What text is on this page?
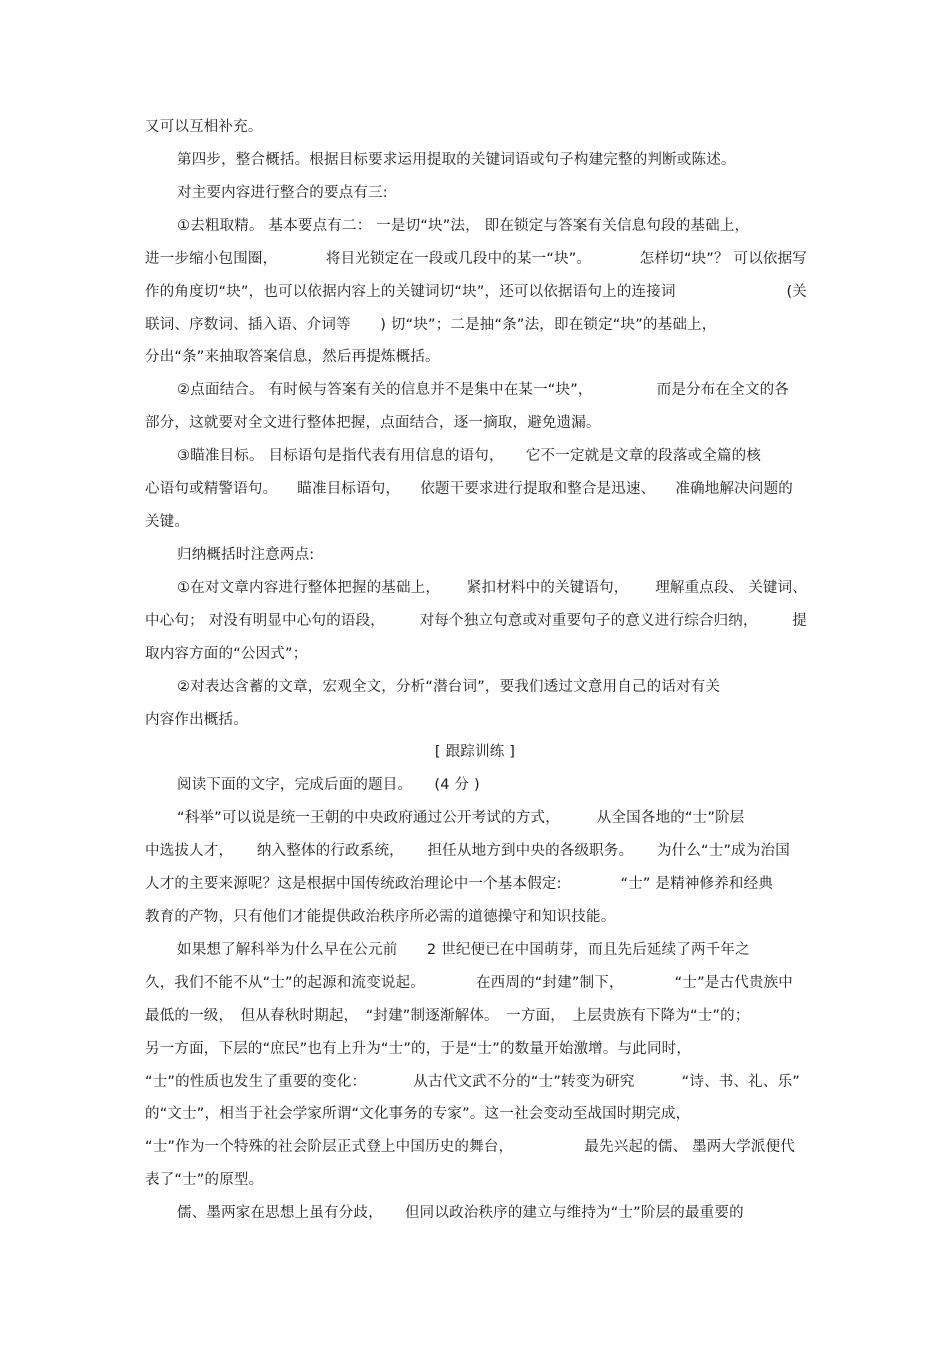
又可以互相补充。
第四步，整合概括。根据目标要求运用提取的关键词语或句子构建完整的判断或陈述。
对主要内容进行整合的要点有三:
①去粗取精。 基本要点有二： 一是切“块”法， 即在锁定与答案有关信息句段的基础上，
进一步缩小包围圈，	将目光锁定在一段或几段中的某一“块”。	怎样切“块”？ 可以依据写
作的角度切“块”，也可以依据内容上的关键词切“块”，还可以依据语句上的连接词	(关
联词、序数词、插入语、介词等　　) 切“块”；二是抽“条”法，即在锁定“块”的基础上，
分出“条”来抽取答案信息，然后再提炼概括。
②点面结合。 有时候与答案有关的信息并不是集中在某一“块”，	而是分布在全文的各
部分，这就要对全文进行整体把握，点面结合，逐一摘取，避免遗漏。
③瞄准目标。 目标语句是指代表有用信息的语句，　　它不一定就是文章的段落或全篇的核
心语句或精警语句。 瞄准目标语句， 依题干要求进行提取和整合是迅速、 准确地解决问题的
关键。
归纳概括时注意两点:
①在对文章内容进行整体把握的基础上， 紧扣材料中的关键语句， 理解重点段、 关键词、
中心句； 对没有明显中心句的语段， 对每个独立句意或对重要句子的意义进行综合归纳， 提
取内容方面的“公因式”；
②对表达含蓄的文章，宏观全文，分析“潜台词”，要我们透过文意用自己的话对有关
内容作出概括。
[ 跟踪训练 ]
阅读下面的文字，完成后面的题目。　　(4 分 )
“科举”可以说是统一王朝的中央政府通过公开考试的方式，　　　从全国各地的“士”阶层
中选拔人才， 纳入整体的行政系统， 担任从地方到中央的各级职务。 为什么“士”成为治国
人才的主要来源呢？这是根据中国传统政治理论中一个基本假定:　　　　“士” 是精神修养和经典
教育的产物，只有他们才能提供政治秩序所必需的道德操守和知识技能。
如果想了解科举为什么早在公元前　　2 世纪便已在中国萌芽，而且先后延续了两千年之
久，我们不能不从“士”的起源和流变说起。	在西周的“封建”制下，	“士”是古代贵族中
最低的一级，　但从春秋时期起，　“封建”制逐渐解体。　一方面，　上层贵族有下降为“士”的；
另一方面，下层的“庶民”也有上升为“士”的，于是“士”的数量开始激增。与此同时，
“士”的性质也发生了重要的变化：	从古代文武不分的“士”转变为研究	“诗、书、礼、乐”
的“文士”，相当于社会学家所谓“文化事务的专家”。这一社会变动至战国时期完成，
“士”作为一个特殊的社会阶层正式登上中国历史的舞台，	最先兴起的儒、 墨两大学派便代
表了“士”的原型。
儒、墨两家在思想上虽有分歧，　　但同以政治秩序的建立与维持为“士”阶层的最重要的
